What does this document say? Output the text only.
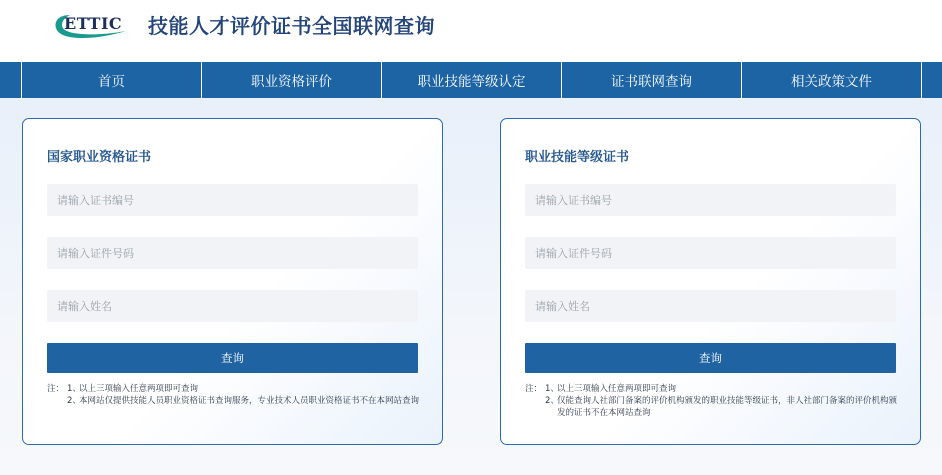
ETTIC 技能人才评价证书全国联网查询
首页	职业资格评价	职业技能等级认定	证书联网查询	相关政策文件
国家职业资格证书
请输入证书编号
请输入证件号码
请输入姓名
查询
注： 1、
以上三项输入任意两项即可查询
2、
本网站仅提供技能人员职业资格证书查询服务，专业技术人员职业资格证书不在本网站查询
职业技能等级证书
请输入证书编号
请输入证件号码
请输入姓名
查询
注： 1、
以上三项输入任意两项即可查询
2、
仅能查询人社部门备案的评价机构颁发的职业技能等级证书，非人社部门备案的评价机构颁发的证书不在本网站查询
